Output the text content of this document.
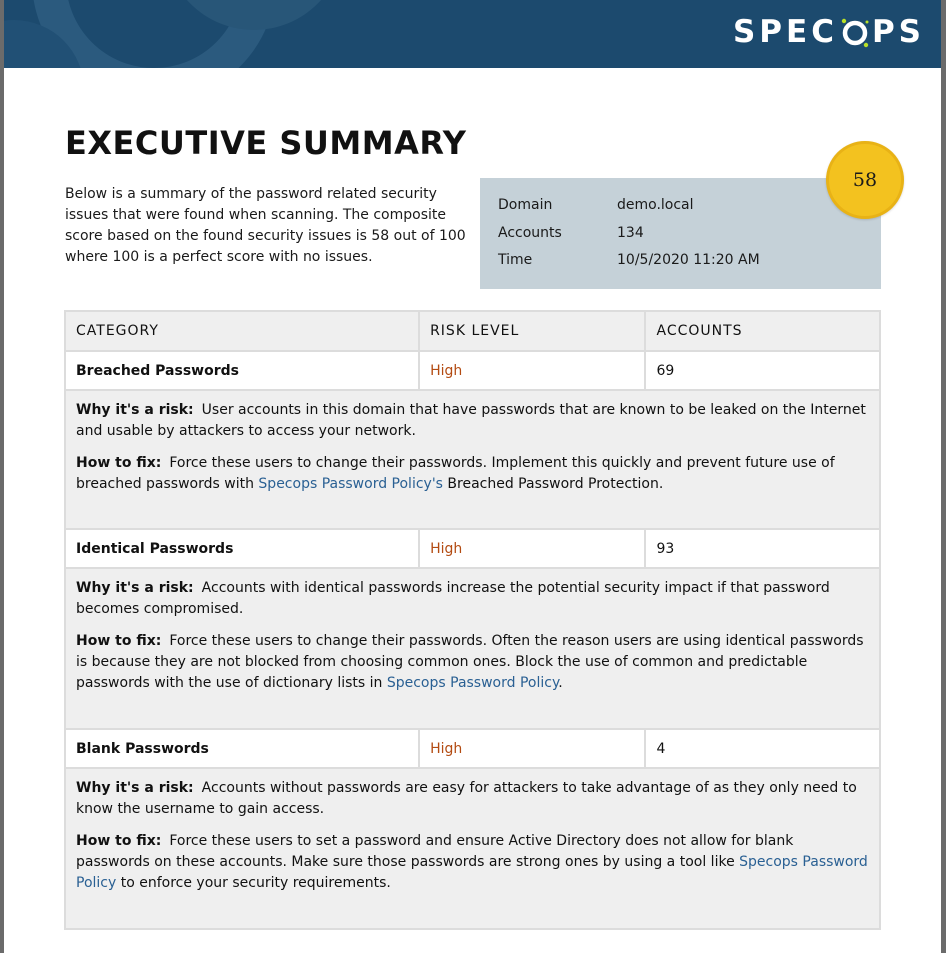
SPEC PS
EXECUTIVE SUMMARY
Below is a summary of the password related security issues that were found when scanning. The composite score based on the found security issues is 58 out of 100 where 100 is a perfect score with no issues.
Domain	demo.local
Accounts	134
Time	10/5/2020 11:20 AM
58
CATEGORY	RISK LEVEL	ACCOUNTS
Breached Passwords	High	69

Why it's a risk: User accounts in this domain that have passwords that are known to be leaked on the Internet and usable by attackers to access your network.

How to fix: Force these users to change their passwords. Implement this quickly and prevent future use of breached passwords with Specops Password Policy's Breached Password Protection.		

Identical Passwords	High	93

Why it's a risk: Accounts with identical passwords increase the potential security impact if that password becomes compromised.

How to fix: Force these users to change their passwords. Often the reason users are using identical passwords is because they are not blocked from choosing common ones. Block the use of common and predictable passwords with the use of dictionary lists in Specops Password Policy.		

Blank Passwords	High	4

Why it's a risk: Accounts without passwords are easy for attackers to take advantage of as they only need to know the username to gain access.

How to fix: Force these users to set a password and ensure Active Directory does not allow for blank passwords on these accounts. Make sure those passwords are strong ones by using a tool like Specops Password Policy to enforce your security requirements.		
